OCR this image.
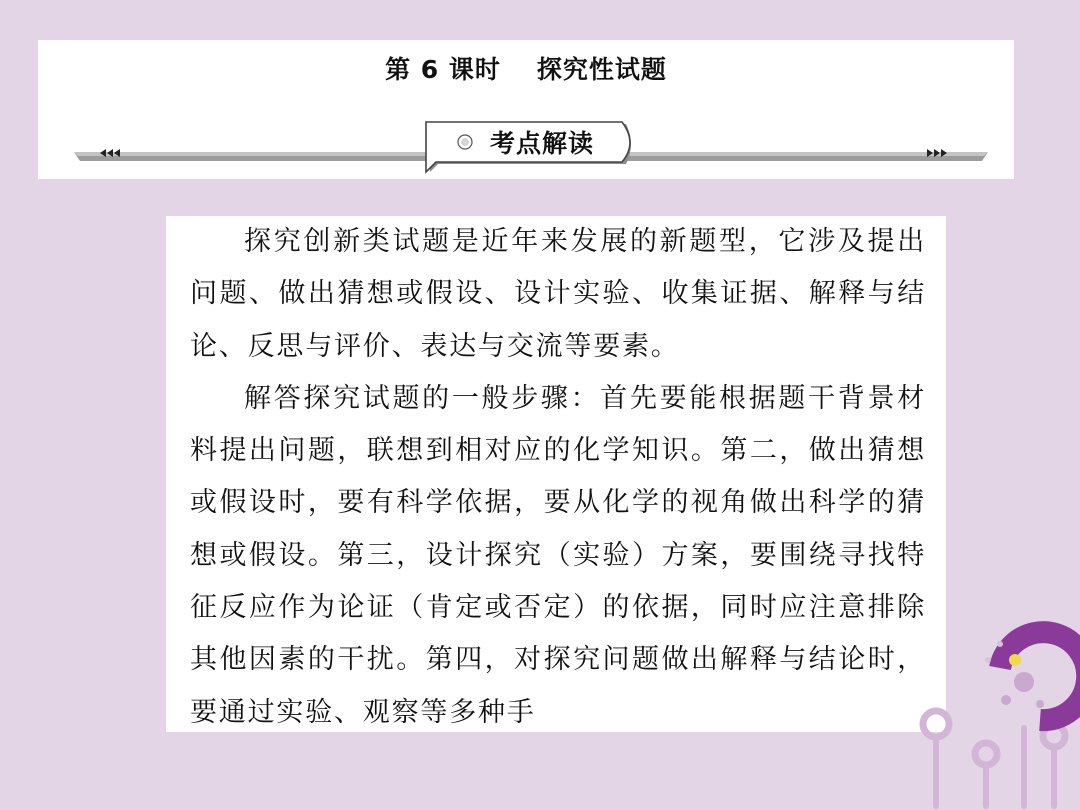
第 6 课时 探究性试题
考点解读

探究创新类试题是近年来发展的新题型，它涉及提出问题、做出猜想或假设、设计实验、收集证据、解释与结论、反思与评价、表达与交流等要素。

解答探究试题的一般步骤：首先要能根据题干背景材料提出问题，联想到相对应的化学知识。第二，做出猜想或假设时，要有科学依据，要从化学的视角做出科学的猜想或假设。第三，设计探究（实验）方案，要围绕寻找特征反应作为论证（肯定或否定）的依据，同时应注意排除其他因素的干扰。第四，对探究问题做出解释与结论时，要通过实验、观察等多种手
